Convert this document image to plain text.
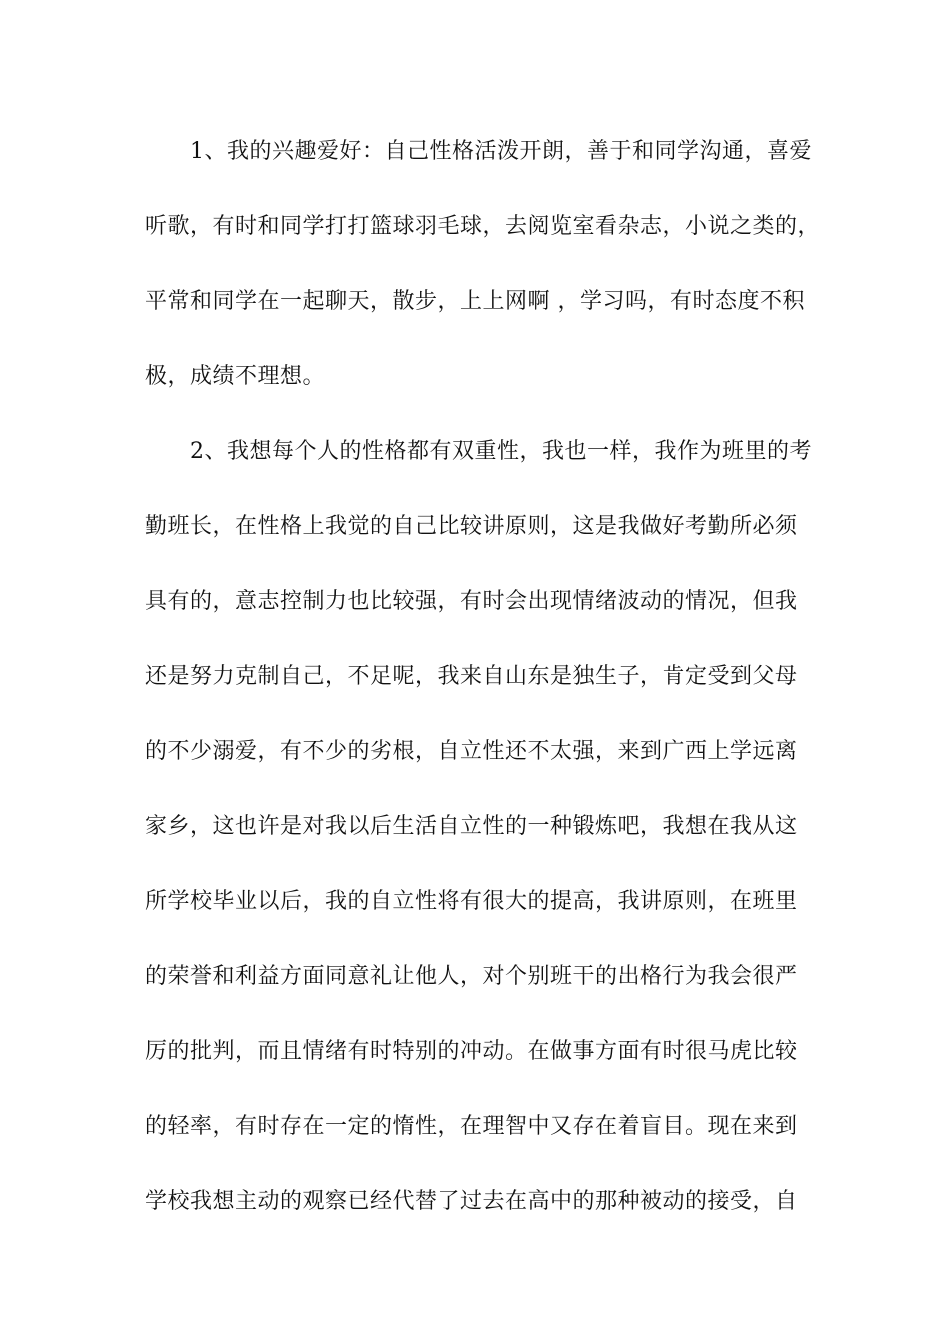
1、我的兴趣爱好：自己性格活泼开朗，善于和同学沟通，喜爱
听歌，有时和同学打打篮球羽毛球，去阅览室看杂志，小说之类的，
平常和同学在一起聊天，散步，上上网啊 ，学习吗，有时态度不积
极，成绩不理想。
2、我想每个人的性格都有双重性，我也一样，我作为班里的考
勤班长，在性格上我觉的自己比较讲原则，这是我做好考勤所必须
具有的，意志控制力也比较强，有时会出现情绪波动的情况，但我
还是努力克制自己，不足呢，我来自山东是独生子，肯定受到父母
的不少溺爱，有不少的劣根，自立性还不太强，来到广西上学远离
家乡，这也许是对我以后生活自立性的一种锻炼吧，我想在我从这
所学校毕业以后，我的自立性将有很大的提高，我讲原则，在班里
的荣誉和利益方面同意礼让他人，对个别班干的出格行为我会很严
厉的批判，而且情绪有时特别的冲动。在做事方面有时很马虎比较
的轻率，有时存在一定的惰性，在理智中又存在着盲目。现在来到
学校我想主动的观察已经代替了过去在高中的那种被动的接受，自
